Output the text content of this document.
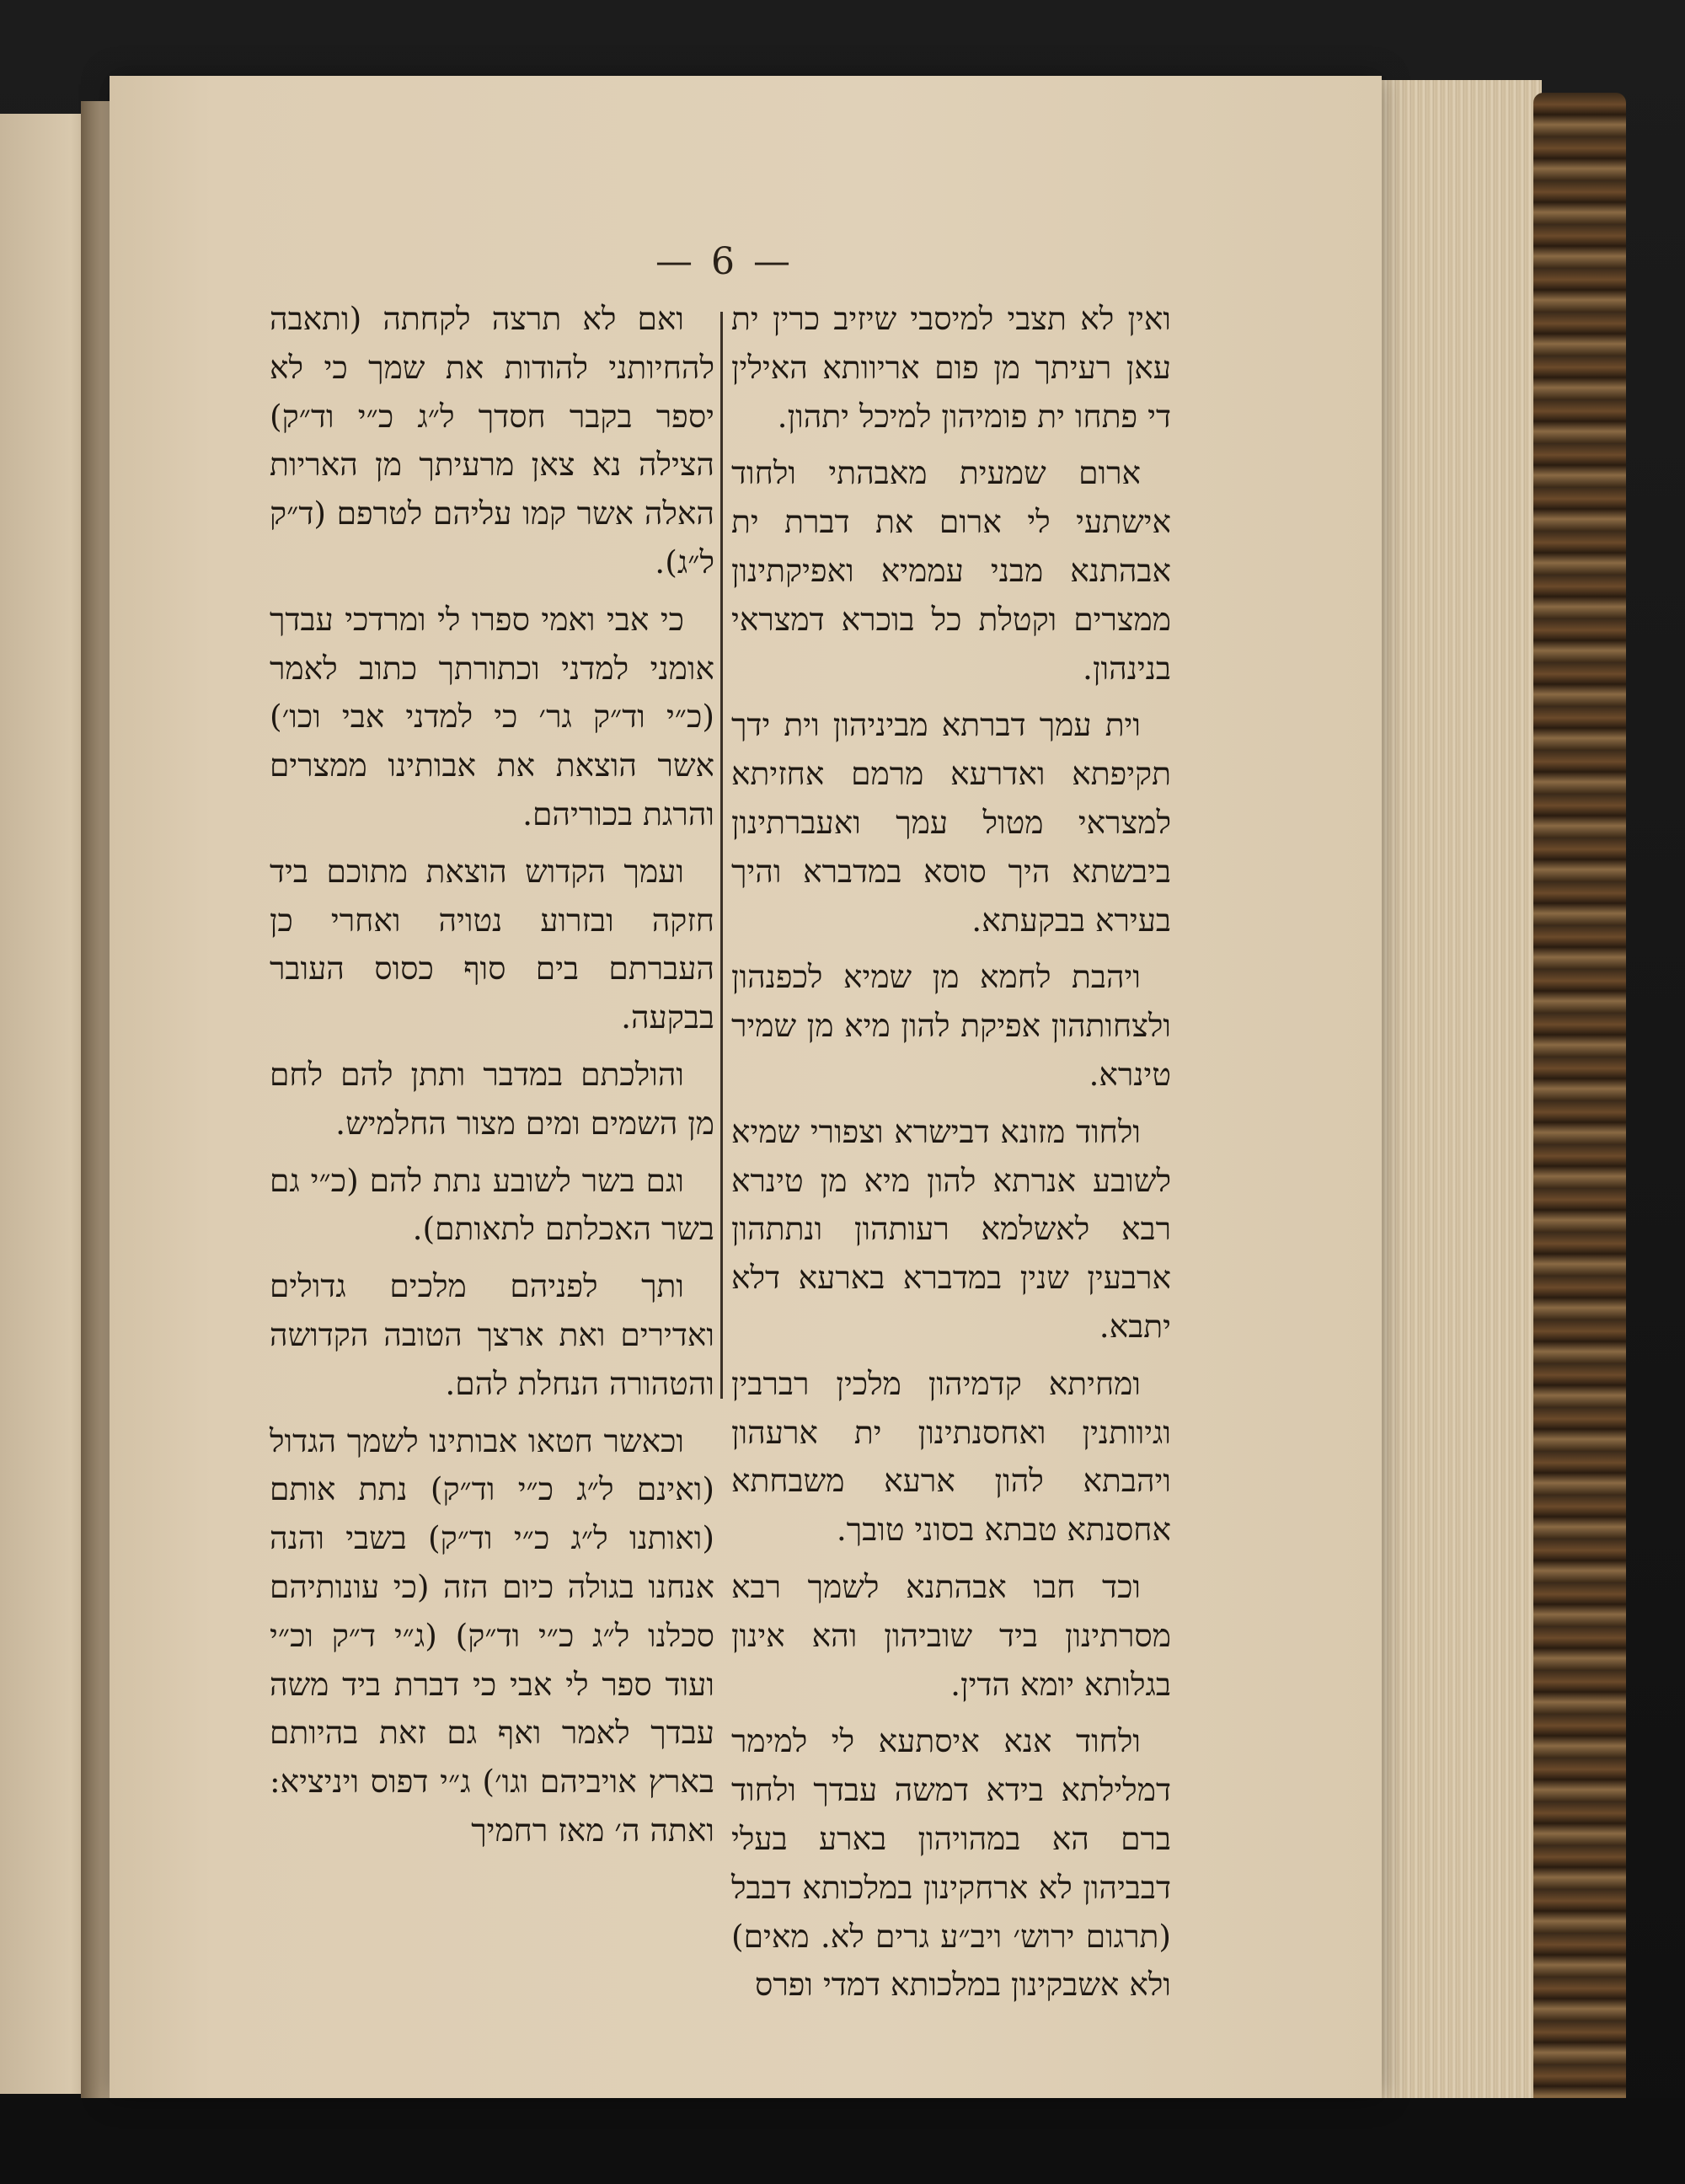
— 6 —

ואין לא תצבי למיסבי שיזיב כרין ית עאן רעיתך מן פום אריוותא האילין די פתחו ית פומיהון למיכל יתהון.

ארום שמעית מאבהתי ולחוד אישתעי לי ארום את דברת ית אבהתנא מבני עממיא ואפיקתינון ממצרים וקטלת כל בוכרא דמצראי בנינהון.

וית עמך דברתא מביניהון וית ידך תקיפתא ואדרעא מרמם אחזיתא למצראי מטול עמך ואעברתינון ביבשתא היך סוסא במדברא והיך בעירא בבקעתא.

ויהבת לחמא מן שמיא לכפנהון ולצחותהון אפיקת להון מיא מן שמיר טינרא.

ולחוד מזונא דבישרא וצפורי שמיא לשובע אנרתא להון מיא מן טינרא רבא לאשלמא רעותהון ונתתהון ארבעין שנין במדברא בארעא דלא יתבא.

ומחיתא קדמיהון מלכין רברבין וגיוותנין ואחסנתינון ית ארעהון ויהבתא להון ארעא משבחתא אחסנתא טבתא בסוני טובך.

וכד חבו אבהתנא לשמך רבא מסרתינון ביד שוביהון והא אינון בגלותא יומא הדין.

ולחוד אנא איסתעא לי למימר דמלילתא בידא דמשה עבדך ולחוד ברם הא במהויהון בארע בעלי דבביהון לא ארחקינון במלכותא דבבל (תרגום ירוש׳ ויב״ע גרים לא. מאים) ולא אשבקינון במלכותא דמדי ופרס

ואם לא תרצה לקחתה (ותאבה להחיותני להודות את שמך כי לא יספר בקבר חסדך ל״ג כ״י וד״ק) הצילה נא צאן מרעיתך מן האריות האלה אשר קמו עליהם לטרפם (ד״ק ל״ג).

כי אבי ואמי ספרו לי ומרדכי עבדך אומני למדני וכתורתך כתוב לאמר (כ״י וד״ק גר׳ כי למדני אבי וכו׳) אשר הוצאת את אבותינו ממצרים והרגת בכוריהם.

ועמך הקדוש הוצאת מתוכם ביד חזקה ובזרוע נטויה ואחרי כן העברתם בים סוף כסוס העובר בבקעה.

והולכתם במדבר ותתן להם לחם מן השמים ומים מצור החלמיש.

וגם בשר לשובע נתת להם (כ״י גם בשר האכלתם לתאותם).

ותך לפניהם מלכים גדולים ואדירים ואת ארצך הטובה הקדושה והטהורה הנחלת להם.

וכאשר חטאו אבותינו לשמך הגדול (ואינם ל״ג כ״י וד״ק) נתת אותם (ואותנו ל״ג כ״י וד״ק) בשבי והנה אנחנו בגולה כיום הזה (כי עונותיהם סכלנו ל״ג כ״י וד״ק) (ג״י ד״ק וכ״י ועוד ספר לי אבי כי דברת ביד משה עבדך לאמר ואף גם זאת בהיותם בארץ אויביהם וגו׳) ג״י דפוס ויניציא: ואתה ה׳ מאז רחמיך
